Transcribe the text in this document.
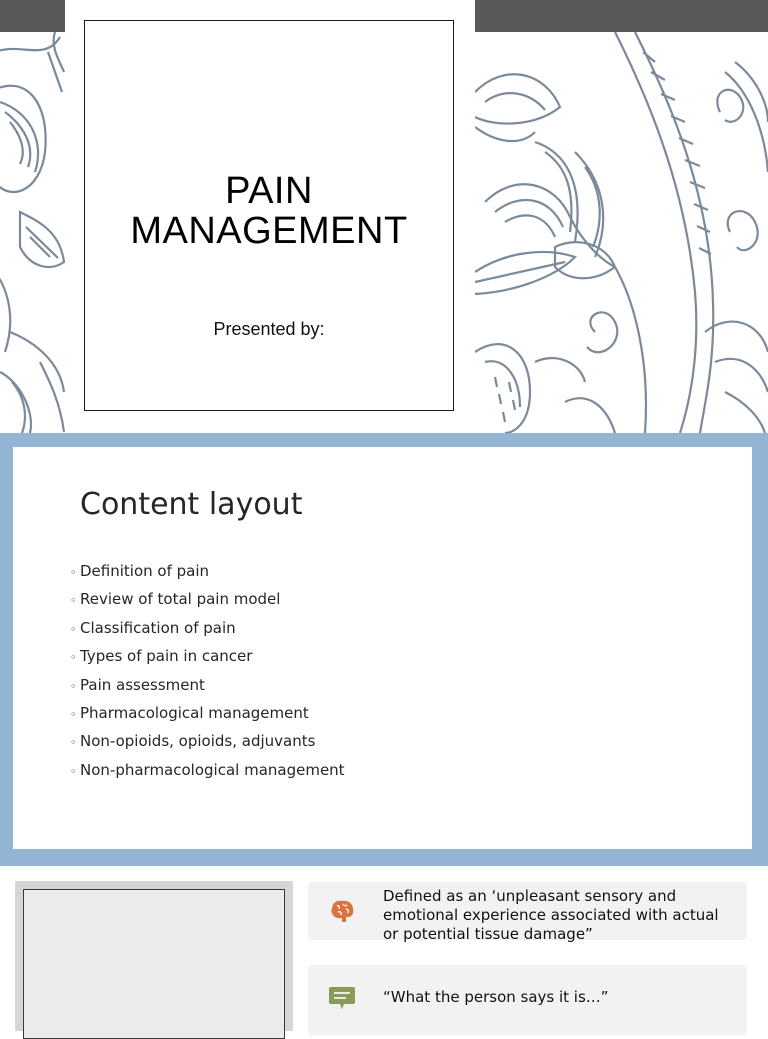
PAIN
MANAGEMENT
Presented by:
Content layout
◦ Definition of pain
◦ Review of total pain model
◦ Classification of pain
◦ Types of pain in cancer
◦ Pain assessment
◦ Pharmacological management
◦ Non-opioids, opioids, adjuvants
◦ Non-pharmacological management
Defined as an ‘unpleasant sensory and emotional experience associated with actual or potential tissue damage”
“What the person says it is…”
